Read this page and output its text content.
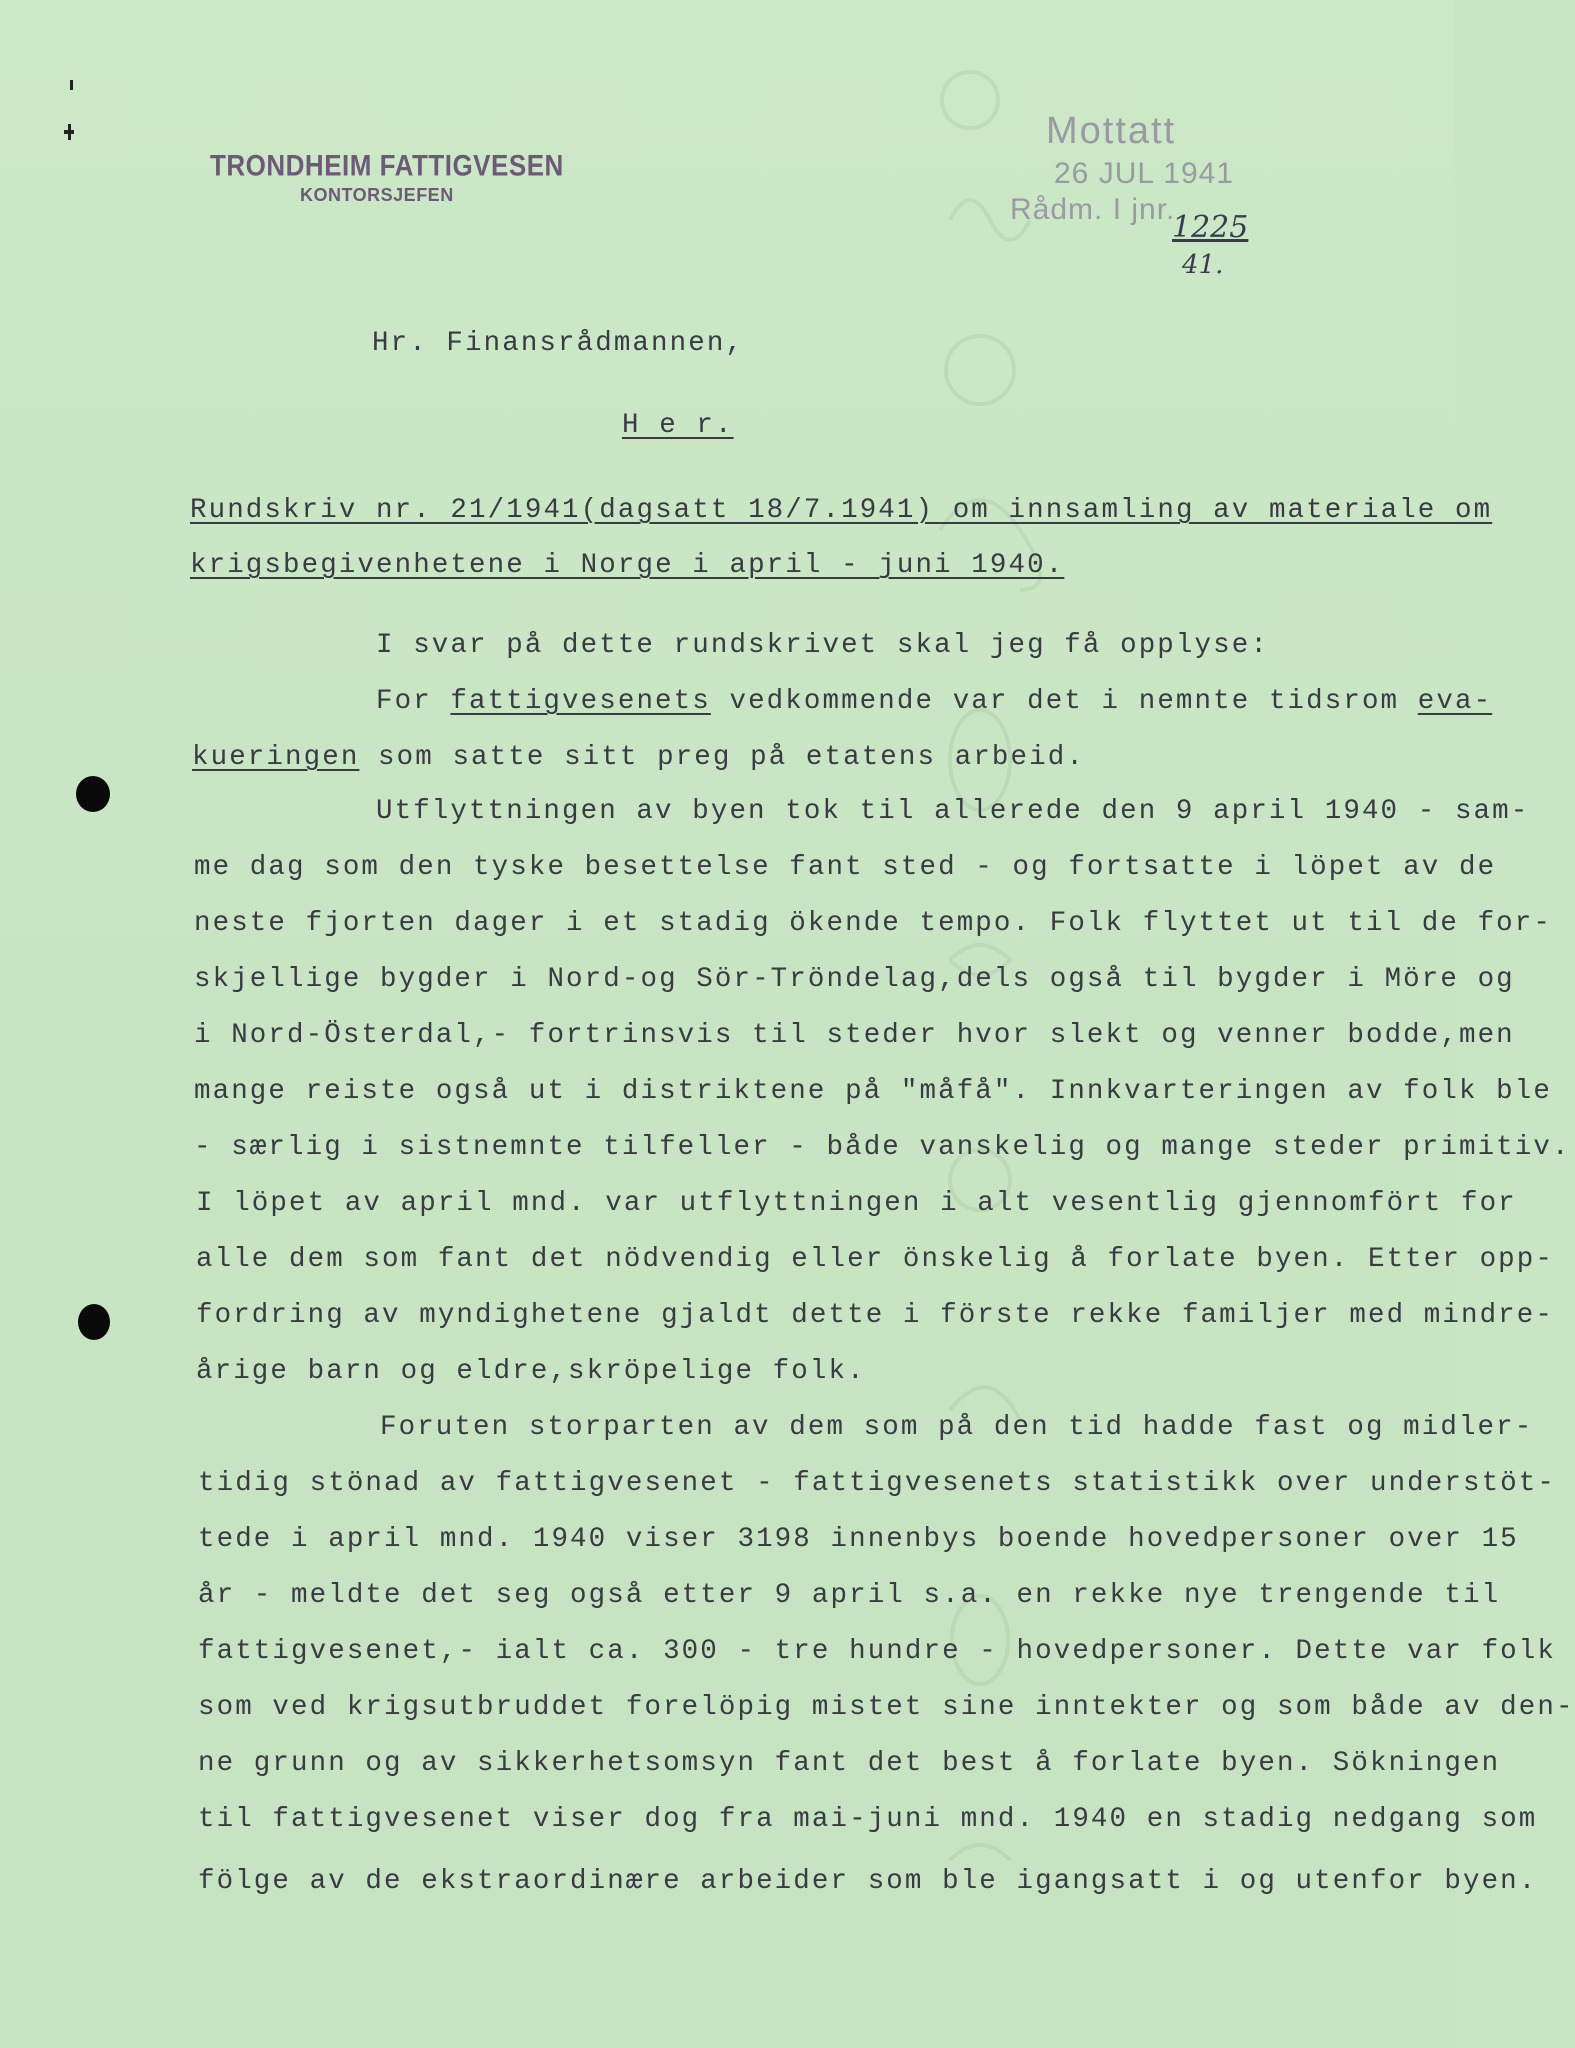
TRONDHEIM FATTIGVESEN
KONTORSJEFEN
Mottatt
26 JUL 1941
Rådm. I jnr.
1225
41.
Hr. Finansrådmannen,
H e r.
Rundskriv nr. 21/1941(dagsatt 18/7.1941) om innsamling av materiale om
krigsbegivenhetene i Norge i april - juni 1940.
I svar på dette rundskrivet skal jeg få opplyse:
For fattigvesenets vedkommende var det i nemnte tidsrom eva-
kueringen som satte sitt preg på etatens arbeid.
Utflyttningen av byen tok til allerede den 9 april 1940 - sam-
me dag som den tyske besettelse fant sted - og fortsatte i löpet av de
neste fjorten dager i et stadig ökende tempo. Folk flyttet ut til de for-
skjellige bygder i Nord-og Sör-Tröndelag,dels også til bygder i Möre og
i Nord-Österdal,- fortrinsvis til steder hvor slekt og venner bodde,men
mange reiste også ut i distriktene på "måfå". Innkvarteringen av folk ble
- særlig i sistnemnte tilfeller - både vanskelig og mange steder primitiv.
I löpet av april mnd. var utflyttningen i alt vesentlig gjennomfört for
alle dem som fant det nödvendig eller önskelig å forlate byen. Etter opp-
fordring av myndighetene gjaldt dette i förste rekke familjer med mindre-
årige barn og eldre,skröpelige folk.
Foruten storparten av dem som på den tid hadde fast og midler-
tidig stönad av fattigvesenet - fattigvesenets statistikk over understöt-
tede i april mnd. 1940 viser 3198 innenbys boende hovedpersoner over 15
år - meldte det seg også etter 9 april s.a. en rekke nye trengende til
fattigvesenet,- ialt ca. 300 - tre hundre - hovedpersoner. Dette var folk
som ved krigsutbruddet forelöpig mistet sine inntekter og som både av den-
ne grunn og av sikkerhetsomsyn fant det best å forlate byen. Sökningen
til fattigvesenet viser dog fra mai-juni mnd. 1940 en stadig nedgang som
fölge av de ekstraordinære arbeider som ble igangsatt i og utenfor byen.
